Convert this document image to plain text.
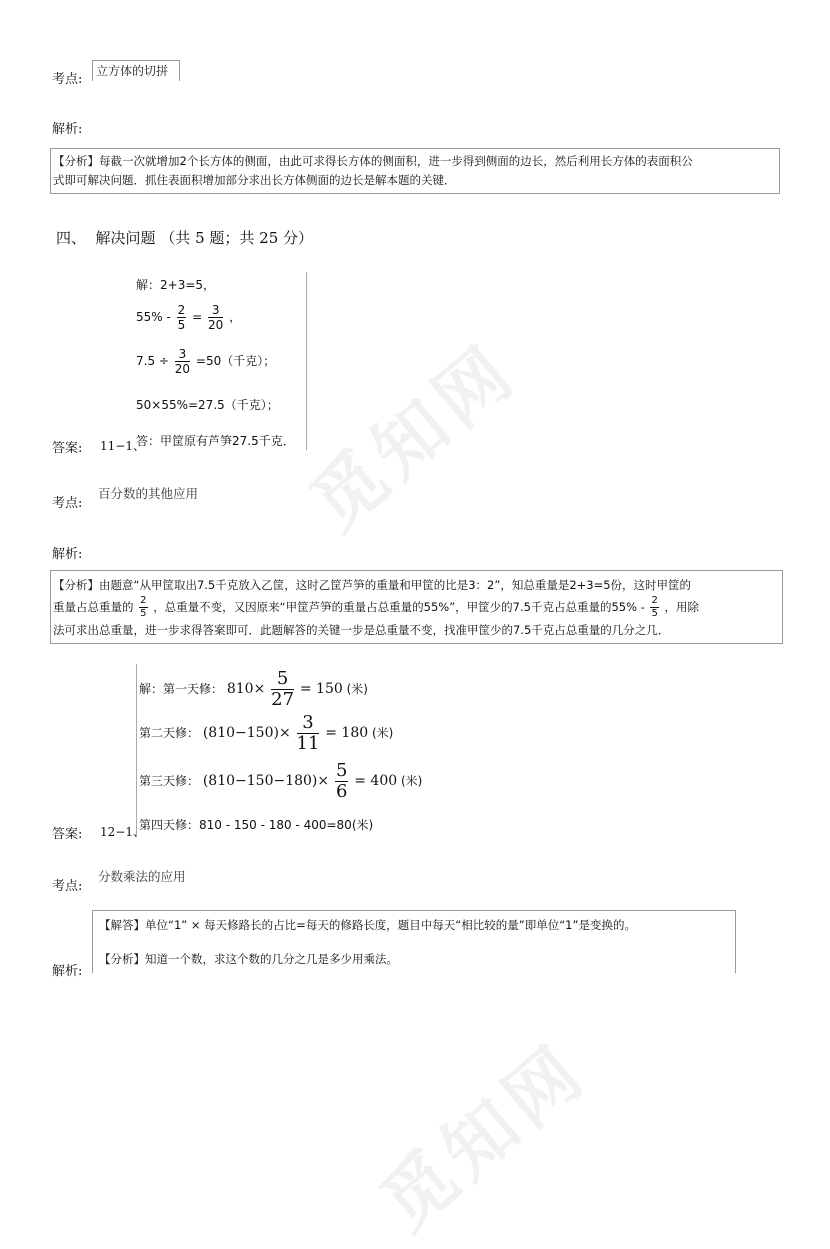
觅知网
觅知网
考点:
立方体的切拼
解析:
【分析】每截一次就增加2个长方体的侧面，由此可求得长方体的侧面积，进一步得到侧面的边长，然后利用长方体的表面积公
式即可解决问题．抓住表面积增加部分求出长方体侧面的边长是解本题的关键．
四、  解决问题 （共 5 题；共 25 分）
解：2+3=5，
$55\% - \frac{2}{5} = \frac{3}{20}$ ，
$7.5 \div \frac{3}{20} =50$（千克）；
50×55%=27.5（千克）；
答：甲筐原有芦笋27.5千克．
答案: 11−1、
考点:
百分数的其他应用
解析:
【分析】由题意“从甲筐取出7.5千克放入乙筐，这时乙筐芦笋的重量和甲筐的比是3：2”，知总重量是2+3=5份，这时甲筐的
重量占总重量的 $\frac{2}{5}$ ，总重量不变，又因原来“甲筐芦笋的重量占总重量的55%”，甲筐少的7.5千克占总重量的$55\% - \frac{2}{5}$ ，用除
法可求出总重量，进一步求得答案即可．此题解答的关键一步是总重量不变，找准甲筐少的7.5千克占总重量的几分之几．
解：第一天修： $810\times \frac{5}{27} = 150$ (米)
第二天修： $(810-150)\times \frac{3}{11} = 180$ (米)
第三天修： $(810-150-180)\times \frac{5}{6} = 400$ (米)
第四天修：810 - 150 - 180 - 400=80(米)
答案: 12−1、
考点:
分数乘法的应用
【解答】单位“1” × 每天修路长的占比=每天的修路长度，题目中每天“相比较的量”即单位“1”是变换的。
【分析】知道一个数，求这个数的几分之几是多少用乘法。
解析:
